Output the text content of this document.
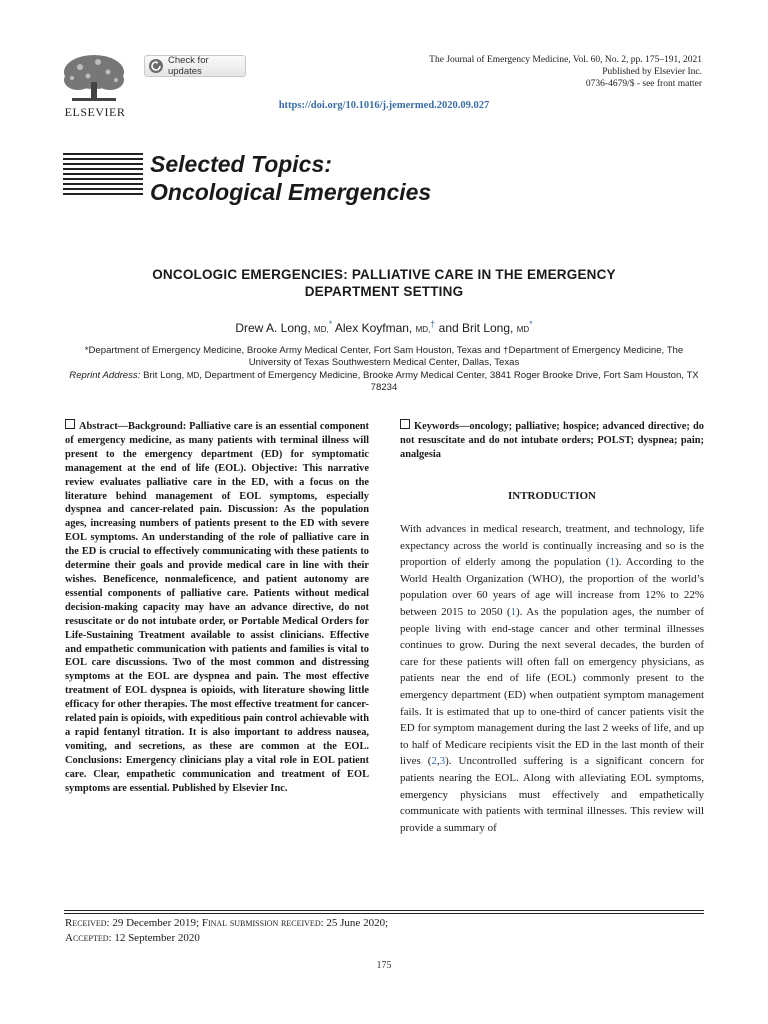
ELSEVIER
Check for updates
The Journal of Emergency Medicine, Vol. 60, No. 2, pp. 175–191, 2021
Published by Elsevier Inc.
0736-4679/$ - see front matter
https://doi.org/10.1016/j.jemermed.2020.09.027
Selected Topics:
Oncological Emergencies
ONCOLOGIC EMERGENCIES: PALLIATIVE CARE IN THE EMERGENCY
DEPARTMENT SETTING
Drew A. Long, MD,* Alex Koyfman, MD,† and Brit Long, MD*
*Department of Emergency Medicine, Brooke Army Medical Center, Fort Sam Houston, Texas and †Department of Emergency Medicine, The University of Texas Southwestern Medical Center, Dallas, Texas
Reprint Address: Brit Long, MD, Department of Emergency Medicine, Brooke Army Medical Center, 3841 Roger Brooke Drive, Fort Sam Houston, TX 78234
Abstract—Background: Palliative care is an essential component of emergency medicine, as many patients with terminal illness will present to the emergency department (ED) for symptomatic management at the end of life (EOL). Objective: This narrative review evaluates palliative care in the ED, with a focus on the literature behind management of EOL symptoms, especially dyspnea and cancer-related pain. Discussion: As the population ages, increasing numbers of patients present to the ED with severe EOL symptoms. An understanding of the role of palliative care in the ED is crucial to effectively communicating with these patients to determine their goals and provide medical care in line with their wishes. Beneficence, nonmaleficence, and patient autonomy are essential components of palliative care. Patients without medical decision-making capacity may have an advance directive, do not resuscitate or do not intubate order, or Portable Medical Orders for Life-Sustaining Treatment available to assist clinicians. Effective and empathetic communication with patients and families is vital to EOL care discussions. Two of the most common and distressing symptoms at the EOL are dyspnea and pain. The most effective treatment of EOL dyspnea is opioids, with literature showing little efficacy for other therapies. The most effective treatment for cancer-related pain is opioids, with expeditious pain control achievable with a rapid fentanyl titration. It is also important to address nausea, vomiting, and secretions, as these are common at the EOL. Conclusions: Emergency clinicians play a vital role in EOL patient care. Clear, empathetic communication and treatment of EOL symptoms are essential. Published by Elsevier Inc.
Keywords—oncology; palliative; hospice; advanced directive; do not resuscitate and do not intubate orders; POLST; dyspnea; pain; analgesia
INTRODUCTION
With advances in medical research, treatment, and technology, life expectancy across the world is continually increasing and so is the proportion of elderly among the population (1). According to the World Health Organization (WHO), the proportion of the world’s population over 60 years of age will increase from 12% to 22% between 2015 to 2050 (1). As the population ages, the number of people living with end-stage cancer and other terminal illnesses continues to grow. During the next several decades, the burden of care for these patients will often fall on emergency physicians, as patients near the end of life (EOL) commonly present to the emergency department (ED) when outpatient symptom management fails. It is estimated that up to one-third of cancer patients visit the ED for symptom management during the last 2 weeks of life, and up to half of Medicare recipients visit the ED in the last month of their lives (2,3). Uncontrolled suffering is a significant concern for patients nearing the EOL. Along with alleviating EOL symptoms, emergency physicians must effectively and empathetically communicate with patients with terminal illnesses. This review will provide a summary of
Received: 29 December 2019; Final submission received: 25 June 2020;
Accepted: 12 September 2020
175
